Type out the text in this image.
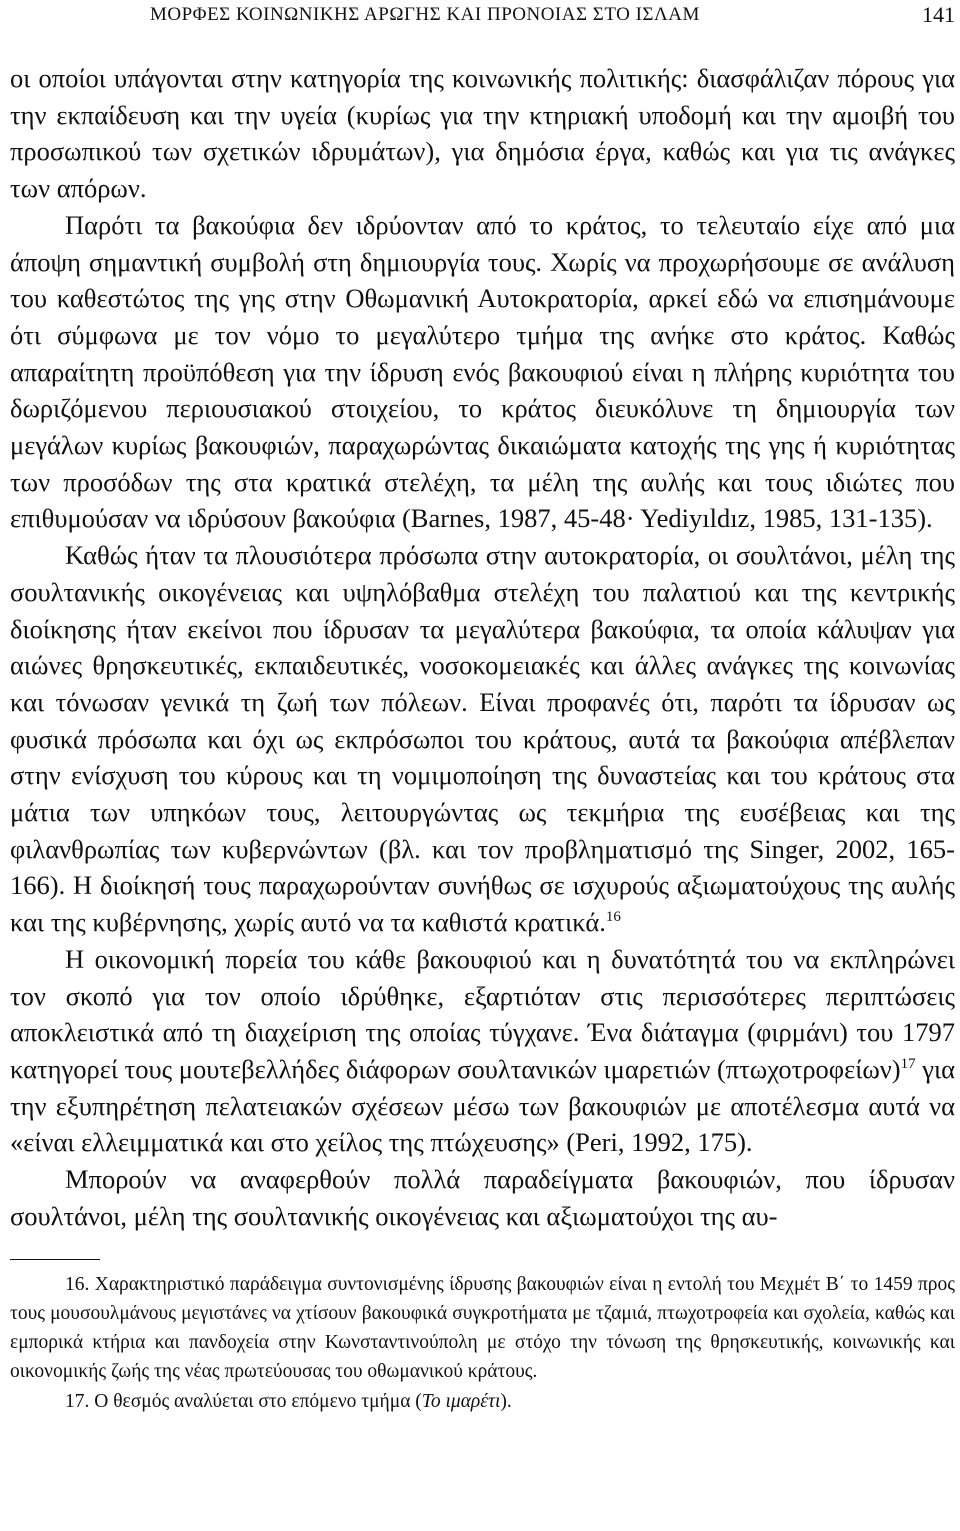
ΜΟΡΦΕΣ ΚΟΙΝΩΝΙΚΗΣ ΑΡΩΓΗΣ ΚΑΙ ΠΡΟΝΟΙΑΣ ΣΤΟ ΙΣΛΑΜ	141

οι οποίοι υπάγονται στην κατηγορία της κοινωνικής πολιτικής: διασφάλιζαν πόρους για την εκπαίδευση και την υγεία (κυρίως για την κτηριακή υποδομή και την αμοιβή του προσωπικού των σχετικών ιδρυμάτων), για δημόσια έργα, καθώς και για τις ανάγκες των απόρων.

Παρότι τα βακούφια δεν ιδρύονταν από το κράτος, το τελευταίο είχε από μια άποψη σημαντική συμβολή στη δημιουργία τους. Χωρίς να προχωρήσουμε σε ανάλυση του καθεστώτος της γης στην Οθωμανική Αυτοκρατορία, αρκεί εδώ να επισημάνουμε ότι σύμφωνα με τον νόμο το μεγαλύτερο τμήμα της ανήκε στο κράτος. Καθώς απαραίτητη προϋπόθεση για την ίδρυση ενός βακουφιού είναι η πλήρης κυριότητα του δωριζόμενου περιουσιακού στοιχείου, το κράτος διευκόλυνε τη δημιουργία των μεγάλων κυρίως βακουφιών, παραχωρώντας δικαιώματα κατοχής της γης ή κυριότητας των προσόδων της στα κρατικά στελέχη, τα μέλη της αυλής και τους ιδιώτες που επιθυμούσαν να ιδρύσουν βακούφια (Barnes, 1987, 45-48· Yediyıldız, 1985, 131-135).

Καθώς ήταν τα πλουσιότερα πρόσωπα στην αυτοκρατορία, οι σουλτάνοι, μέλη της σουλτανικής οικογένειας και υψηλόβαθμα στελέχη του παλατιού και της κεντρικής διοίκησης ήταν εκείνοι που ίδρυσαν τα μεγαλύτερα βακούφια, τα οποία κάλυψαν για αιώνες θρησκευτικές, εκπαιδευτικές, νοσοκομειακές και άλλες ανάγκες της κοινωνίας και τόνωσαν γενικά τη ζωή των πόλεων. Είναι προφανές ότι, παρότι τα ίδρυσαν ως φυσικά πρόσωπα και όχι ως εκπρόσωποι του κράτους, αυτά τα βακούφια απέβλεπαν στην ενίσχυση του κύρους και τη νομιμοποίηση της δυναστείας και του κράτους στα μάτια των υπηκόων τους, λειτουργώντας ως τεκμήρια της ευσέβειας και της φιλανθρωπίας των κυβερνώντων (βλ. και τον προβληματισμό της Singer, 2002, 165-166). Η διοίκησή τους παραχωρούνταν συνήθως σε ισχυρούς αξιωματούχους της αυλής και της κυβέρνησης, χωρίς αυτό να τα καθιστά κρατικά.$^{16}$

Η οικονομική πορεία του κάθε βακουφιού και η δυνατότητά του να εκπληρώνει τον σκοπό για τον οποίο ιδρύθηκε, εξαρτιόταν στις περισσότερες περιπτώσεις αποκλειστικά από τη διαχείριση της οποίας τύγχανε. Ένα διάταγμα (φιρμάνι) του 1797 κατηγορεί τους μουτεβελλήδες διάφορων σουλτανικών ιμαρετιών $(\pi\tau\omega\chi o\tau\rho o\varphi\varepsilon ί\omega\nu)^{17}$ για την εξυπηρέτηση πελατειακών σχέσεων μέσω των βακουφιών με αποτέλεσμα αυτά να «είναι ελλειμματικά και στο χείλος της πτώχευσης» (Peri, 1992, 175).

Μπορούν να αναφερθούν πολλά παραδείγματα βακουφιών, που ίδρυσαν σουλτάνοι, μέλη της σουλτανικής οικογένειας και αξιωματούχοι της αυ-

16. Χαρακτηριστικό παράδειγμα συντονισμένης ίδρυσης βακουφιών είναι η εντολή του Μεχμέτ Β΄ το 1459 προς τους μουσουλμάνους μεγιστάνες να χτίσουν βακουφικά συγκροτήματα με τζαμιά, πτωχοτροφεία και σχολεία, καθώς και εμπορικά κτήρια και πανδοχεία στην Κωνσταντινούπολη με στόχο την τόνωση της θρησκευτικής, κοινωνικής και οικονομικής ζωής της νέας πρωτεύουσας του οθωμανικού κράτους.

17. Ο θεσμός αναλύεται στο επόμενο τμήμα (Το ιμαρέτι).
